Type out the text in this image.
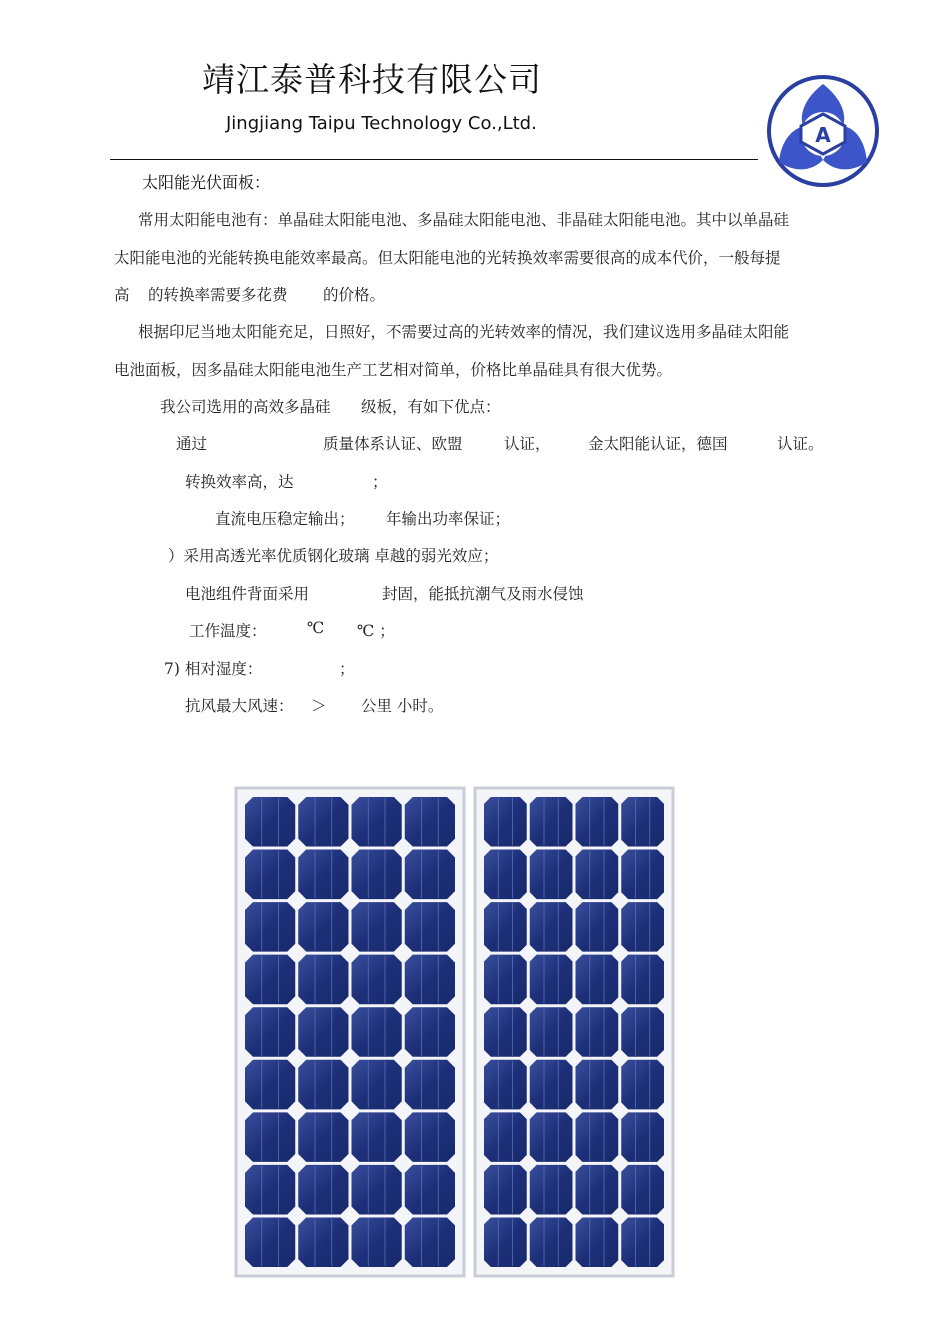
靖江泰普科技有限公司
Jingjiang Taipu Technology Co.,Ltd.	A
太阳能光伏面板：
常用太阳能电池有：单晶硅太阳能电池、多晶硅太阳能电池、非晶硅太阳能电池。其中以单晶硅
太阳能电池的光能转换电能效率最高。但太阳能电池的光转换效率需要很高的成本代价，一般每提
高 的转换率需要多花费 的价格。
根据印尼当地太阳能充足，日照好，不需要过高的光转效率的情况，我们建议选用多晶硅太阳能
电池面板，因多晶硅太阳能电池生产工艺相对简单，价格比单晶硅具有很大优势。
我公司选用的高效多晶硅 级板，有如下优点：
通过	质量体系认证、欧盟	认证， 金太阳能认证，德国	认证。
转换效率高，达	；
直流电压稳定输出； 年输出功率保证；
）采用高透光率优质钢化玻璃 卓越的弱光效应；
电池组件背面采用	封固，能抵抗潮气及雨水侵蚀
工作温度：	℃ ℃ ；
7) 相对湿度：	；
抗风最大风速： ＞ 公里 小时。
